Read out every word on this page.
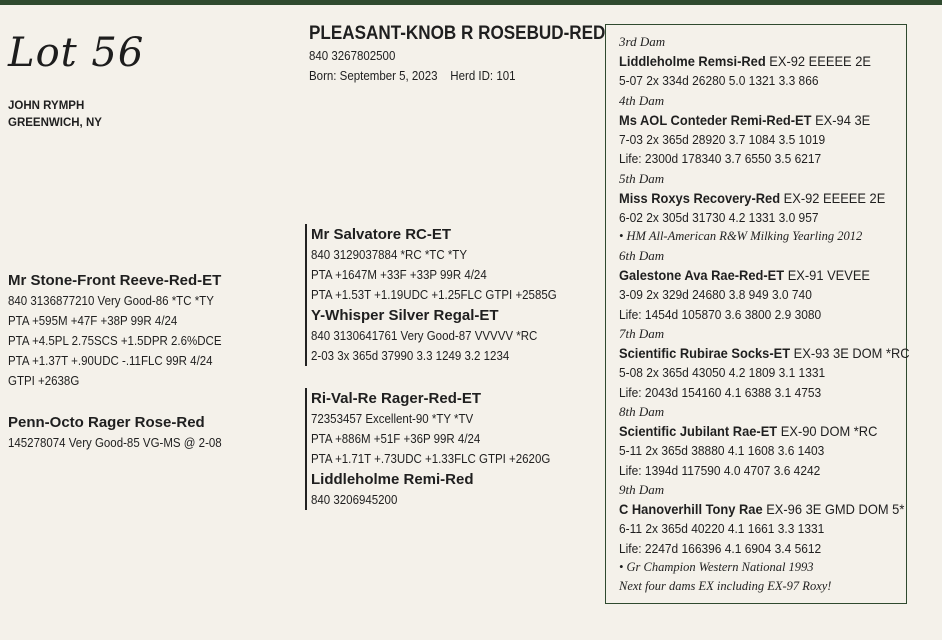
Lot 56
JOHN RYMPH
GREENWICH, NY
PLEASANT-KNOB R ROSEBUD-RED
840 3267802500
Born: September 5, 2023 Herd ID: 101
Mr Stone-Front Reeve-Red-ET
840 3136877210 Very Good-86 *TC *TY
PTA +595M +47F +38P 99R 4/24
PTA +4.5PL 2.75SCS +1.5DPR 2.6%DCE
PTA +1.37T +.90UDC -.11FLC 99R 4/24
GTPI +2638G
Penn-Octo Rager Rose-Red
145278074 Very Good-85 VG-MS @ 2-08
Mr Salvatore RC-ET
840 3129037884 *RC *TC *TY
PTA +1647M +33F +33P 99R 4/24
PTA +1.53T +1.19UDC +1.25FLC GTPI +2585G
Y-Whisper Silver Regal-ET
840 3130641761 Very Good-87 VVVVV *RC
2-03 3x 365d 37990 3.3 1249 3.2 1234
Ri-Val-Re Rager-Red-ET
72353457 Excellent-90 *TY *TV
PTA +886M +51F +36P 99R 4/24
PTA +1.71T +.73UDC +1.33FLC GTPI +2620G
Liddleholme Remi-Red
840 3206945200
3rd Dam
Liddleholme Remsi-Red EX-92 EEEEE 2E
5-07 2x 334d 26280 5.0 1321 3.3 866
4th Dam
Ms AOL Conteder Remi-Red-ET EX-94 3E
7-03 2x 365d 28920 3.7 1084 3.5 1019
Life: 2300d 178340 3.7 6550 3.5 6217
5th Dam
Miss Roxys Recovery-Red EX-92 EEEEE 2E
6-02 2x 305d 31730 4.2 1331 3.0 957
• HM All-American R&W Milking Yearling 2012
6th Dam
Galestone Ava Rae-Red-ET EX-91 VEVEE
3-09 2x 329d 24680 3.8 949 3.0 740
Life: 1454d 105870 3.6 3800 2.9 3080
7th Dam
Scientific Rubirae Socks-ET EX-93 3E DOM *RC
5-08 2x 365d 43050 4.2 1809 3.1 1331
Life: 2043d 154160 4.1 6388 3.1 4753
8th Dam
Scientific Jubilant Rae-ET EX-90 DOM *RC
5-11 2x 365d 38880 4.1 1608 3.6 1403
Life: 1394d 117590 4.0 4707 3.6 4242
9th Dam
C Hanoverhill Tony Rae EX-96 3E GMD DOM 5*
6-11 2x 365d 40220 4.1 1661 3.3 1331
Life: 2247d 166396 4.1 6904 3.4 5612
• Gr Champion Western National 1993
Next four dams EX including EX-97 Roxy!
